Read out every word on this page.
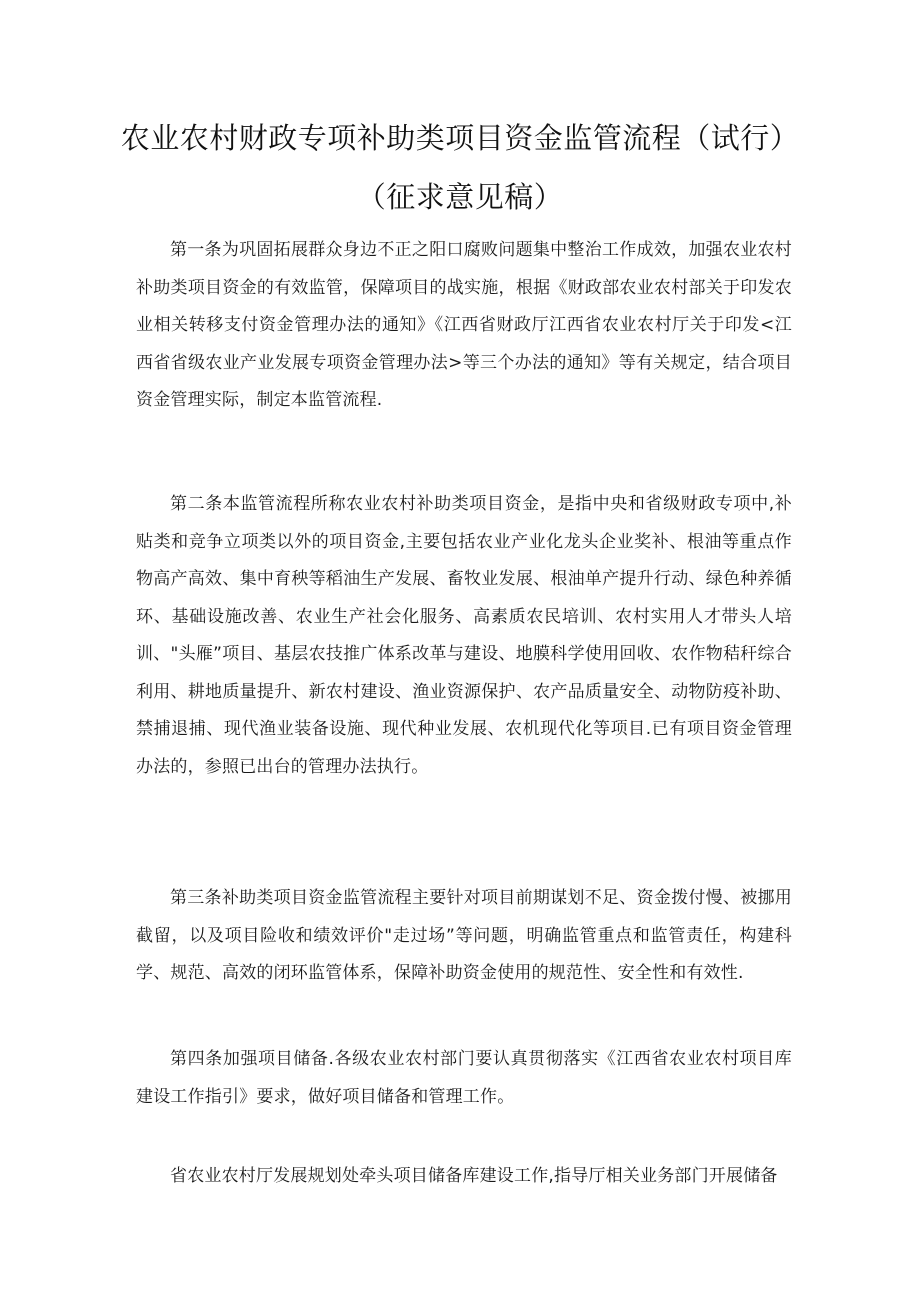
农业农村财政专项补助类项目资金监管流程（试行）
（征求意见稿）

第一条为巩固拓展群众身边不正之阳口腐败问题集中整治工作成效，加强农业农村补助类项目资金的有效监管，保障项目的战实施，根据《财政部农业农村部关于印发农业相关转移支付资金管理办法的通知》《江西省财政厅江西省农业农村厅关于印发<江西省省级农业产业发展专项资金管理办法>等三个办法的通知》等有关规定，结合项目资金管理实际，制定本监管流程.

第二条本监管流程所称农业农村补助类项目资金，是指中央和省级财政专项中,补贴类和竞争立项类以外的项目资金,主要包括农业产业化龙头企业奖补、根油等重点作物高产高效、集中育秧等稻油生产发展、畜牧业发展、根油单产提升行动、绿色种养循环、基础设施改善、农业生产社会化服务、高素质农民培训、农村实用人才带头人培训、"头雁”项目、基层农技推广体系改革与建设、地膜科学使用回收、农作物秸秆综合利用、耕地质量提升、新农村建设、渔业资源保护、农产品质量安全、动物防疫补助、禁捕退捕、现代渔业装备设施、现代种业发展、农机现代化等项目.已有项目资金管理办法的，参照已出台的管理办法执行。

第三条补助类项目资金监管流程主要针对项目前期谋划不足、资金拨付慢、被挪用截留，以及项目险收和绩效评价"走过场”等问题，明确监管重点和监管责任，构建科学、规范、高效的闭环监管体系，保障补助资金使用的规范性、安全性和有效性.

第四条加强项目储备.各级农业农村部门要认真贯彻落实《江西省农业农村项目库建设工作指引》要求，做好项目储备和管理工作。

省农业农村厅发展规划处牵头项目储备库建设工作,指导厅相关业务部门开展储备
